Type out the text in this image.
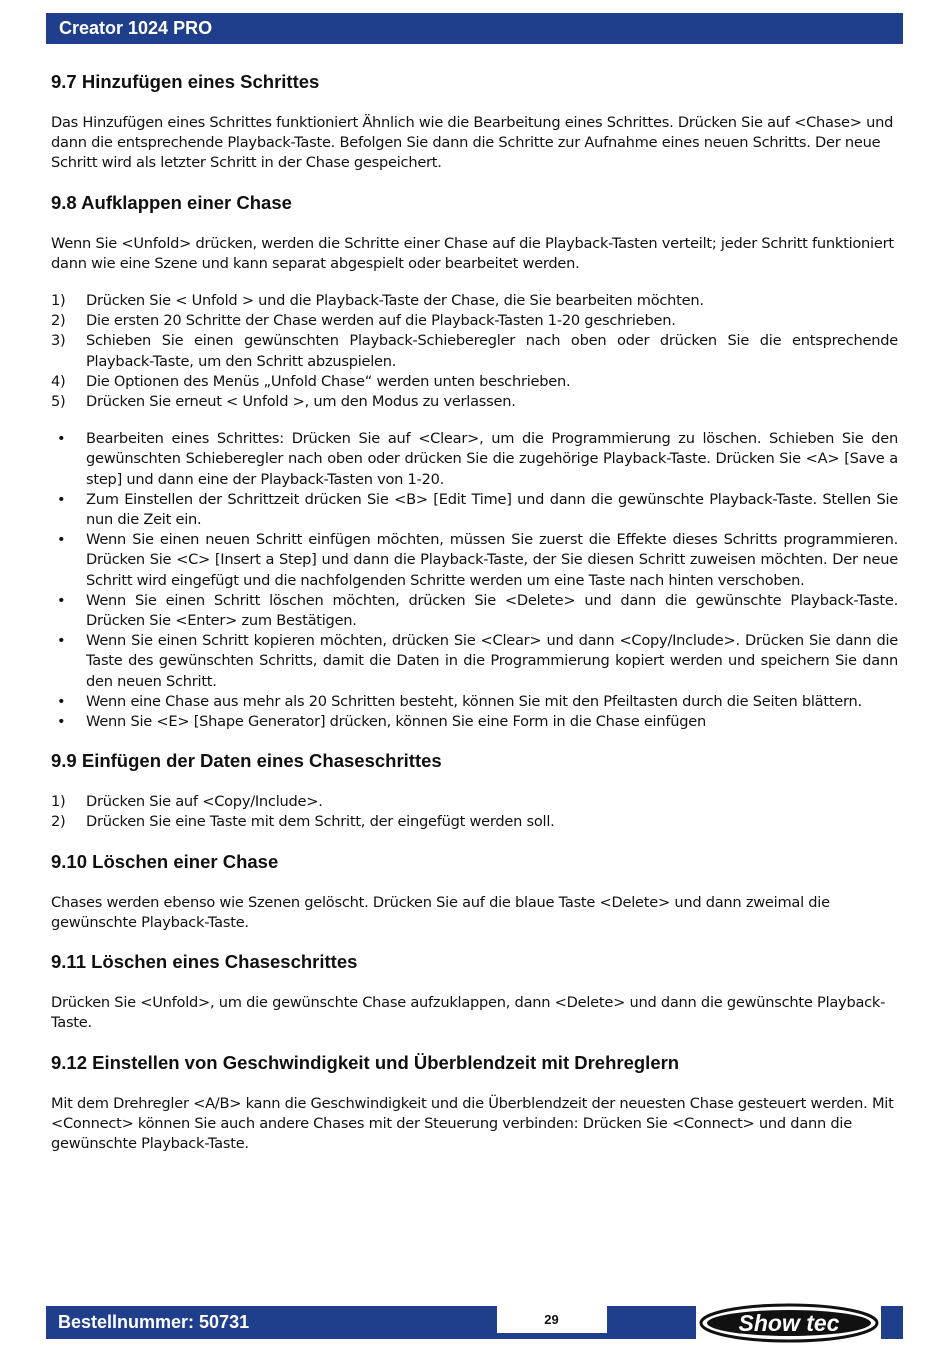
Creator 1024 PRO
9.7 Hinzufügen eines Schrittes

Das Hinzufügen eines Schrittes funktioniert Ähnlich wie die Bearbeitung eines Schrittes. Drücken Sie auf <Chase> und dann die entsprechende Playback-Taste. Befolgen Sie dann die Schritte zur Aufnahme eines neuen Schritts. Der neue Schritt wird als letzter Schritt in der Chase gespeichert.

9.8 Aufklappen einer Chase

Wenn Sie <Unfold> drücken, werden die Schritte einer Chase auf die Playback-Tasten verteilt; jeder Schritt funktioniert dann wie eine Szene und kann separat abgespielt oder bearbeitet werden.

1) Drücken Sie < Unfold > und die Playback-Taste der Chase, die Sie bearbeiten möchten.
2) Die ersten 20 Schritte der Chase werden auf die Playback-Tasten 1-20 geschrieben.
3) Schieben Sie einen gewünschten Playback-Schieberegler nach oben oder drücken Sie die entsprechende Playback-Taste, um den Schritt abzuspielen.
4) Die Optionen des Menüs „Unfold Chase“ werden unten beschrieben.
5) Drücken Sie erneut < Unfold >, um den Modus zu verlassen.
• Bearbeiten eines Schrittes: Drücken Sie auf <Clear>, um die Programmierung zu löschen. Schieben Sie den gewünschten Schieberegler nach oben oder drücken Sie die zugehörige Playback-Taste. Drücken Sie <A> [Save a step] und dann eine der Playback-Tasten von 1-20.
• Zum Einstellen der Schrittzeit drücken Sie <B> [Edit Time] und dann die gewünschte Playback-Taste. Stellen Sie nun die Zeit ein.
• Wenn Sie einen neuen Schritt einfügen möchten, müssen Sie zuerst die Effekte dieses Schritts programmieren. Drücken Sie <C> [Insert a Step] und dann die Playback-Taste, der Sie diesen Schritt zuweisen möchten. Der neue Schritt wird eingefügt und die nachfolgenden Schritte werden um eine Taste nach hinten verschoben.
• Wenn Sie einen Schritt löschen möchten, drücken Sie <Delete> und dann die gewünschte Playback-Taste. Drücken Sie <Enter> zum Bestätigen.
• Wenn Sie einen Schritt kopieren möchten, drücken Sie <Clear> und dann <Copy/Include>. Drücken Sie dann die Taste des gewünschten Schritts, damit die Daten in die Programmierung kopiert werden und speichern Sie dann den neuen Schritt.
• Wenn eine Chase aus mehr als 20 Schritten besteht, können Sie mit den Pfeiltasten durch die Seiten blättern.
• Wenn Sie <E> [Shape Generator] drücken, können Sie eine Form in die Chase einfügen
9.9 Einfügen der Daten eines Chaseschrittes
1) Drücken Sie auf <Copy/Include>.
2) Drücken Sie eine Taste mit dem Schritt, der eingefügt werden soll.
9.10 Löschen einer Chase

Chases werden ebenso wie Szenen gelöscht. Drücken Sie auf die blaue Taste <Delete> und dann zweimal die gewünschte Playback-Taste.

9.11 Löschen eines Chaseschrittes

Drücken Sie <Unfold>, um die gewünschte Chase aufzuklappen, dann <Delete> und dann die gewünschte Playback-Taste.

9.12 Einstellen von Geschwindigkeit und Überblendzeit mit Drehreglern

Mit dem Drehregler <A/B> kann die Geschwindigkeit und die Überblendzeit der neuesten Chase gesteuert werden. Mit <Connect> können Sie auch andere Chases mit der Steuerung verbinden: Drücken Sie <Connect> und dann die gewünschte Playback-Taste.

Bestellnummer: 50731	29	Show tec
